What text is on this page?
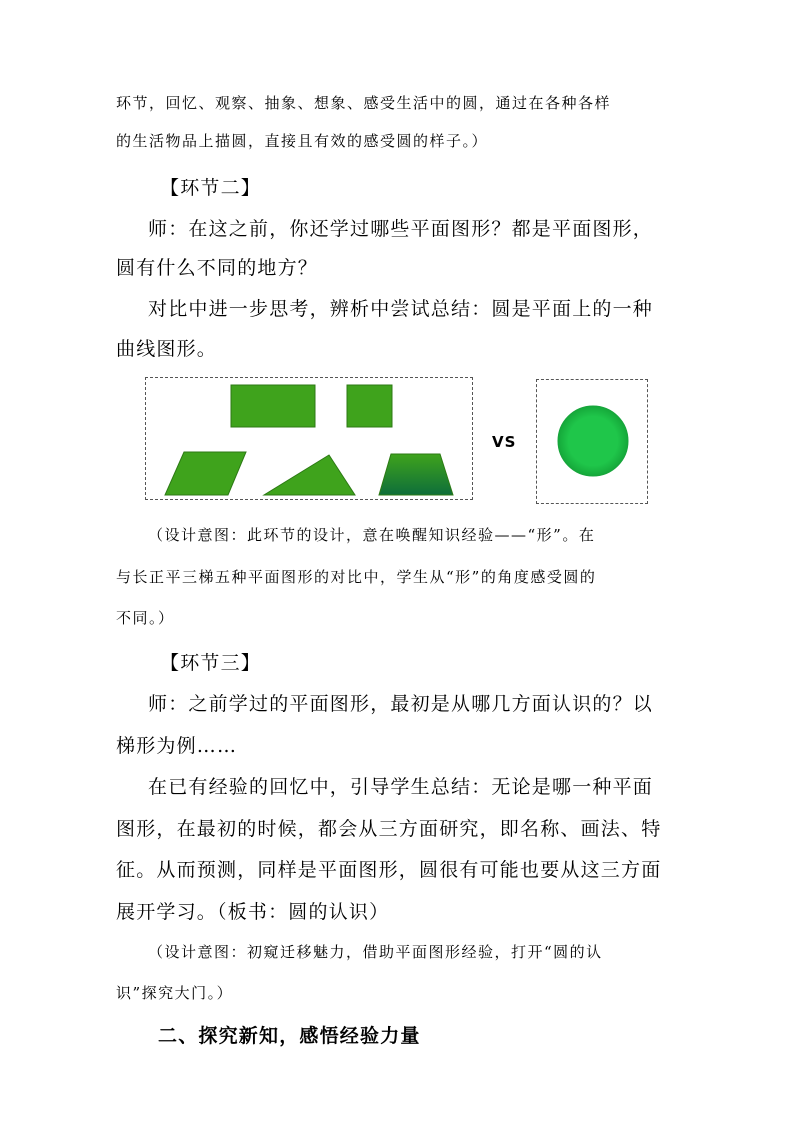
环节，回忆、观察、抽象、想象、感受生活中的圆，通过在各种各样
的生活物品上描圆，直接且有效的感受圆的样子。）
【环节二】
师：在这之前，你还学过哪些平面图形？都是平面图形，
圆有什么不同的地方？
对比中进一步思考，辨析中尝试总结：圆是平面上的一种
曲线图形。
VS
（设计意图：此环节的设计，意在唤醒知识经验——“形”。在
与长正平三梯五种平面图形的对比中，学生从“形”的角度感受圆的
不同。）
【环节三】
师：之前学过的平面图形，最初是从哪几方面认识的？以
梯形为例……
在已有经验的回忆中，引导学生总结：无论是哪一种平面
图形，在最初的时候，都会从三方面研究，即名称、画法、特
征。从而预测，同样是平面图形，圆很有可能也要从这三方面
展开学习。（板书：圆的认识）
（设计意图：初窥迁移魅力，借助平面图形经验，打开“圆的认
识”探究大门。）
二、探究新知，感悟经验力量
